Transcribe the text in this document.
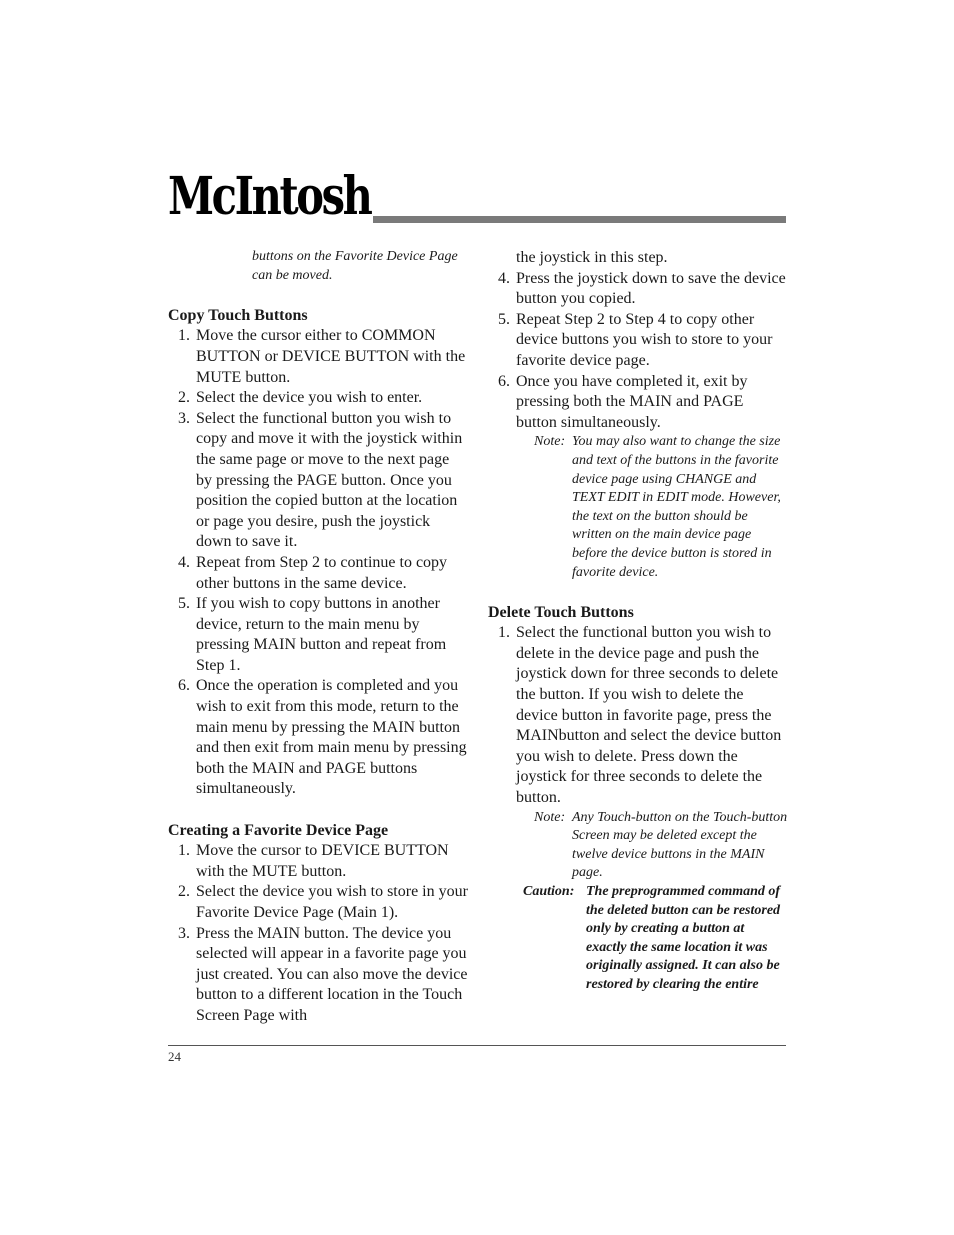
McIntosh

buttons on the Favorite Device Page can be moved.

Copy Touch Buttons

1. Move the cursor either to COMMON BUTTON or DEVICE BUTTON with the MUTE button.
2. Select the device you wish to enter.
3. Select the functional button you wish to copy and move it with the joystick within the same page or move to the next page by pressing the PAGE button. Once you position the copied button at the location or page you desire, push the joystick down to save it.
4. Repeat from Step 2 to continue to copy other buttons in the same device.
5. If you wish to copy buttons in another device, return to the main menu by pressing MAIN button and repeat from Step 1.
6. Once the operation is completed and you wish to exit from this mode, return to the main menu by pressing the MAIN button and then exit from main menu by pressing both the MAIN and PAGE buttons simultaneously.

Creating a Favorite Device Page

1. Move the cursor to DEVICE BUTTON with the MUTE button.
2. Select the device you wish to store in your Favorite Device Page (Main 1).
3. Press the MAIN button. The device you selected will appear in a favorite page you just created. You can also move the device button to a different location in the Touch Screen Page with
the joystick in this step.
4. Press the joystick down to save the device button you copied.
5. Repeat Step 2 to Step 4 to copy other device buttons you wish to store to your favorite device page.
6. Once you have completed it, exit by pressing both the MAIN and PAGE button simultaneously.

Note: You may also want to change the size and text of the buttons in the favorite device page using CHANGE and TEXT EDIT in EDIT mode. However, the text on the button should be written on the main device page before the device button is stored in favorite device.

Delete Touch Buttons

1. Select the functional button you wish to delete in the device page and push the joystick down for three seconds to delete the button. If you wish to delete the device button in favorite page, press the MAINbutton and select the device button you wish to delete. Press down the joystick for three seconds to delete the button.

Note: Any Touch-button on the Touch-button Screen may be deleted except the twelve device buttons in the MAIN page.

Caution: The preprogrammed command of the deleted button can be restored only by creating a button at exactly the same location it was originally assigned. It can also be restored by clearing the entire

24
